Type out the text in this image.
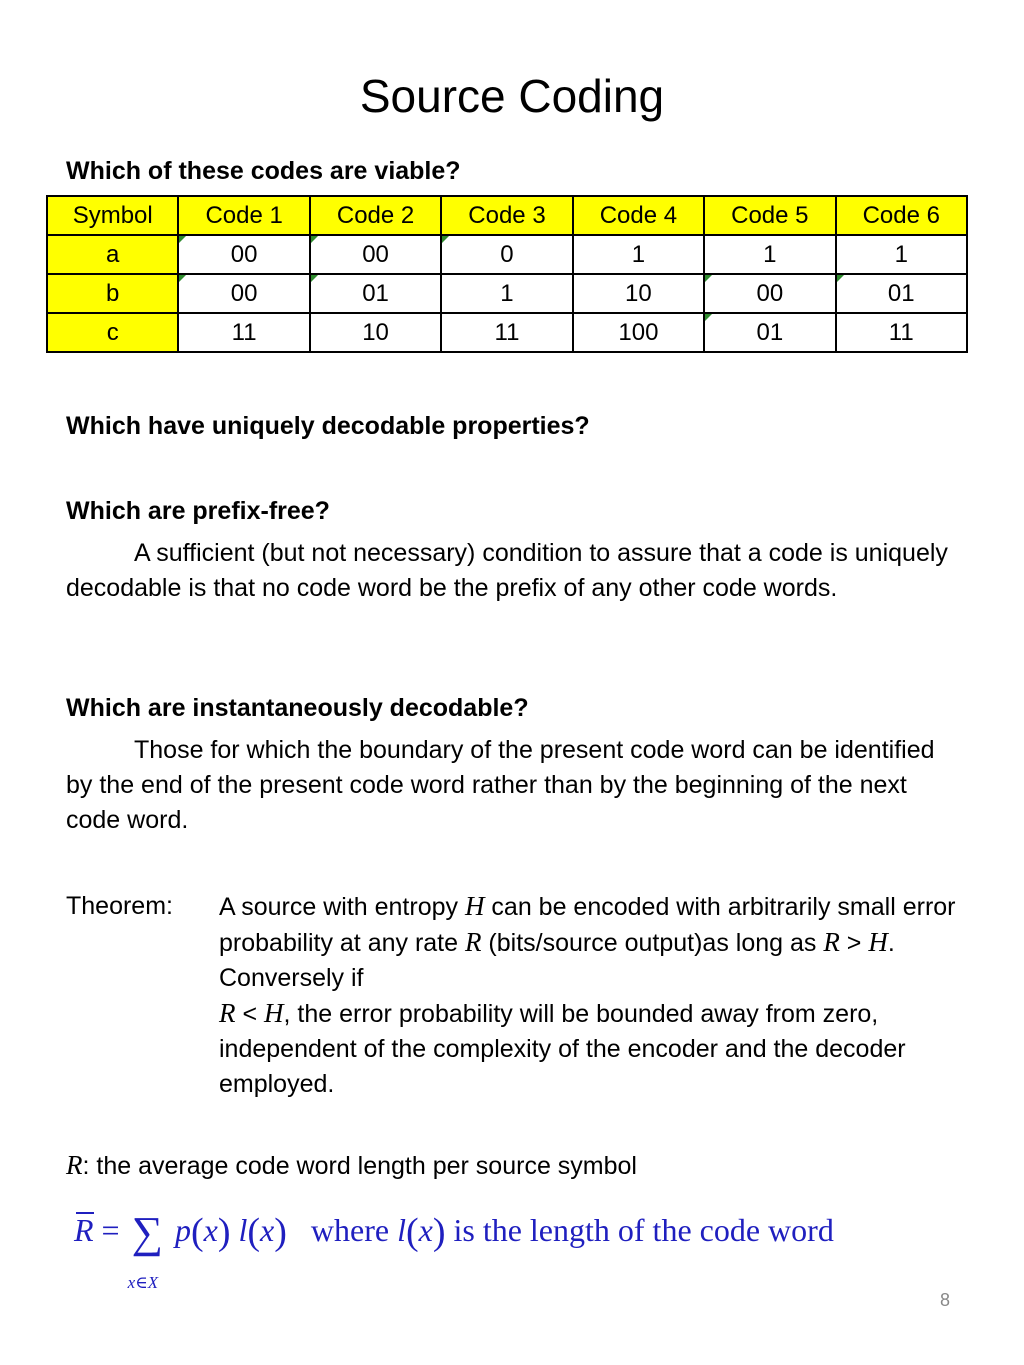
Source Coding
Which of these codes are viable?
Symbol	Code 1	Code 2	Code 3	Code 4	Code 5	Code 6
a	00	00	0	1	1	1
b	00	01	1	10	00	01
c	11	10	11	100	01	11
Which have uniquely decodable properties?
Which are prefix-free?
A sufficient (but not necessary) condition to assure that a code is uniquely decodable is that no code word be the prefix of any other code words.
Which are instantaneously decodable?
Those for which the boundary of the present code word can be identified by the end of the present code word rather than by the beginning of the next code word.
Theorem: A source with entropy H can be encoded with arbitrarily small error probability at any rate R (bits/source output)as long as R > H. Conversely if
R < H, the error probability will be bounded away from zero, independent of the complexity of the encoder and the decoder employed.
R: the average code word length per source symbol
R = ∑
x∈X
p(x) l(x) where l(x) is the length of the code word
8
